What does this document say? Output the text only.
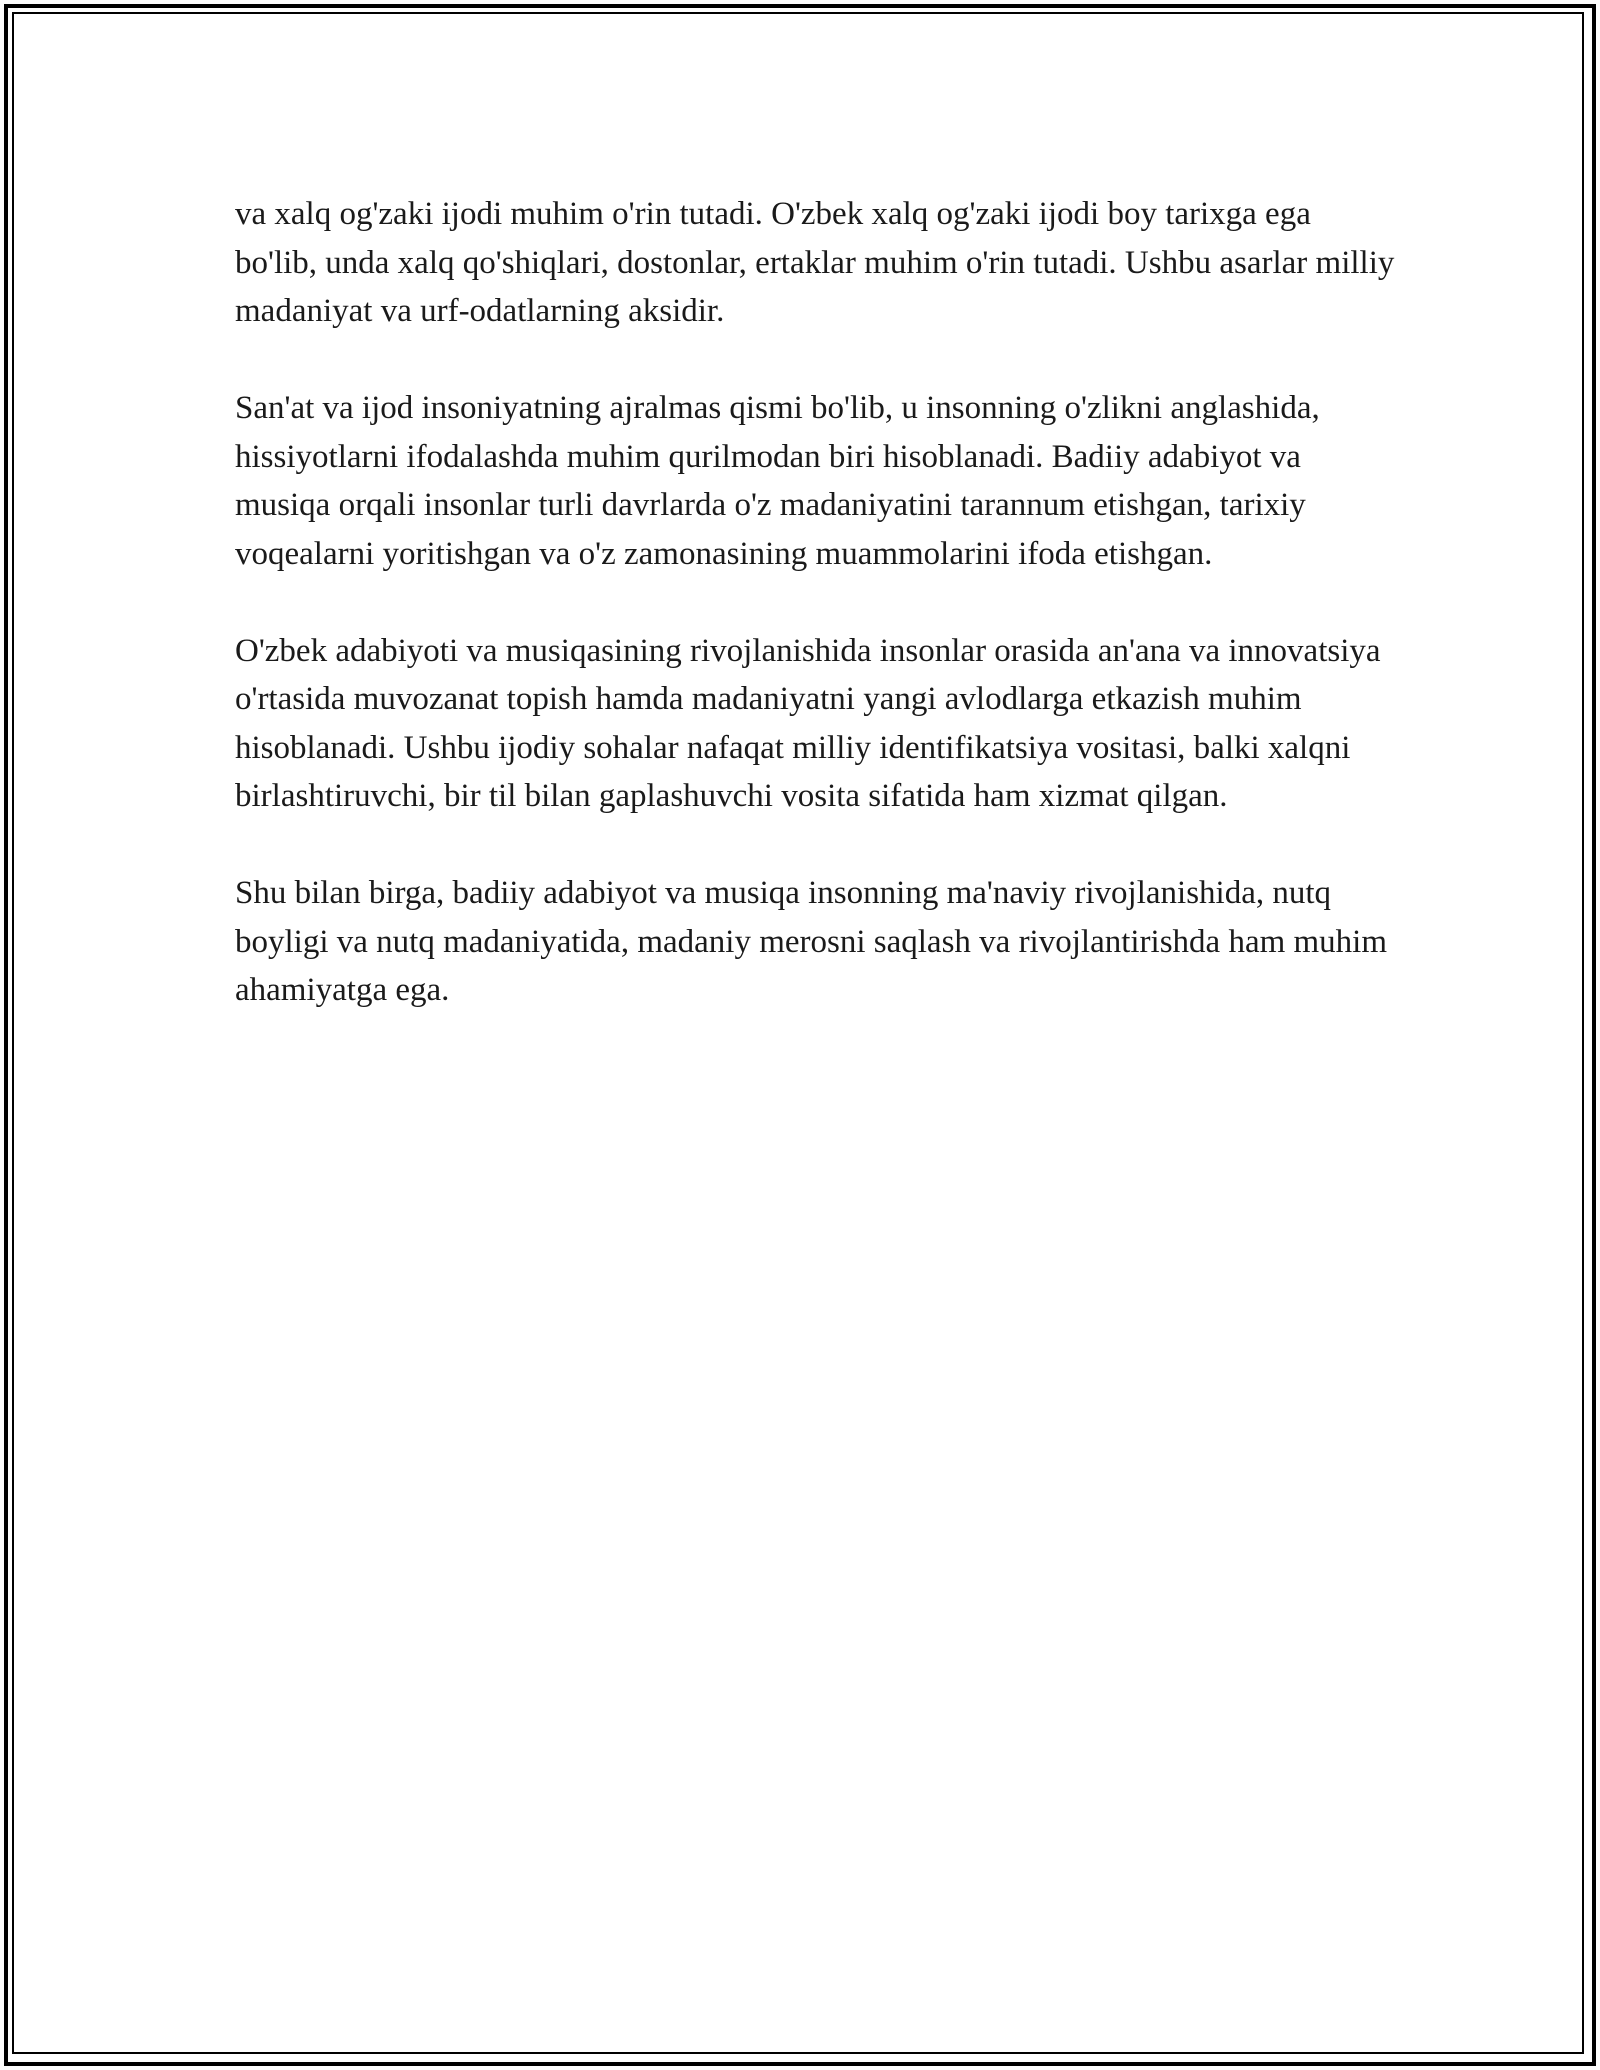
va xalq og'zaki ijodi muhim o'rin tutadi. O'zbek xalq og'zaki ijodi boy tarixga ega bo'lib, unda xalq qo'shiqlari, dostonlar, ertaklar muhim o'rin tutadi. Ushbu asarlar milliy madaniyat va urf-odatlarning aksidir.

San'at va ijod insoniyatning ajralmas qismi bo'lib, u insonning o'zlikni anglashida, hissiyotlarni ifodalashda muhim qurilmodan biri hisoblanadi. Badiiy adabiyot va musiqa orqali insonlar turli davrlarda o'z madaniyatini tarannum etishgan, tarixiy voqealarni yoritishgan va o'z zamonasining muammolarini ifoda etishgan.

O'zbek adabiyoti va musiqasining rivojlanishida insonlar orasida an'ana va innovatsiya o'rtasida muvozanat topish hamda madaniyatni yangi avlodlarga etkazish muhim hisoblanadi. Ushbu ijodiy sohalar nafaqat milliy identifikatsiya vositasi, balki xalqni birlashtiruvchi, bir til bilan gaplashuvchi vosita sifatida ham xizmat qilgan.

Shu bilan birga, badiiy adabiyot va musiqa insonning ma'naviy rivojlanishida, nutq boyligi va nutq madaniyatida, madaniy merosni saqlash va rivojlantirishda ham muhim ahamiyatga ega.
